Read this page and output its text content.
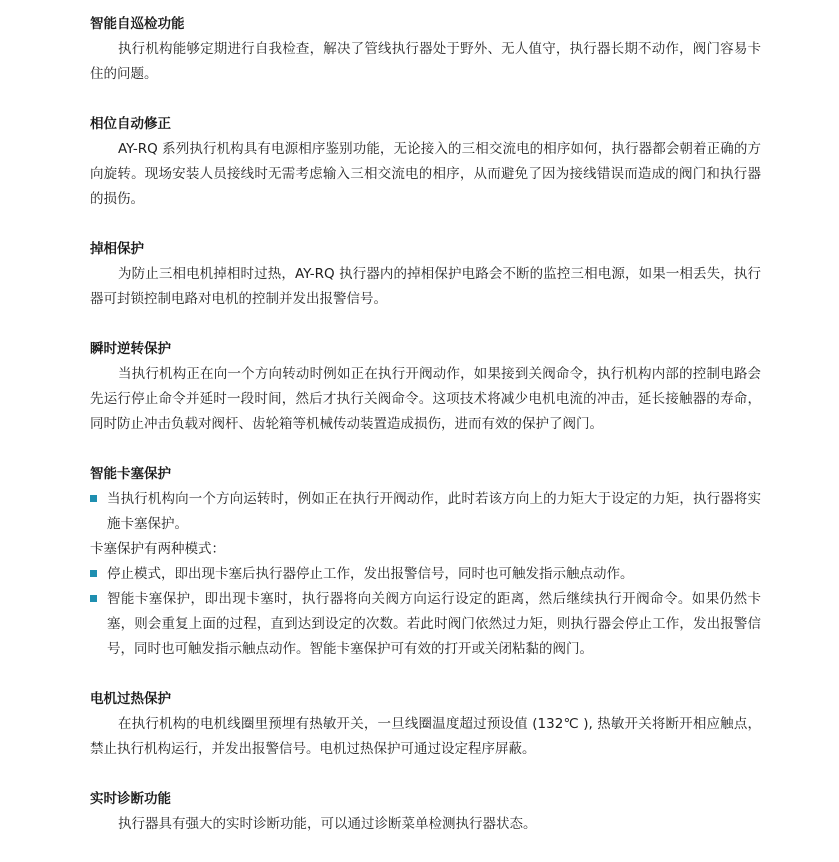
智能自巡检功能
执行机构能够定期进行自我检查，解决了管线执行器处于野外、无人值守，执行器长期不动作，阀门容易卡住的问题。
相位自动修正
AY-RQ 系列执行机构具有电源相序鉴别功能，无论接入的三相交流电的相序如何，执行器都会朝着正确的方向旋转。现场安装人员接线时无需考虑输入三相交流电的相序，从而避免了因为接线错误而造成的阀门和执行器的损伤。
掉相保护
为防止三相电机掉相时过热，AY-RQ 执行器内的掉相保护电路会不断的监控三相电源，如果一相丢失，执行器可封锁控制电路对电机的控制并发出报警信号。
瞬时逆转保护
当执行机构正在向一个方向转动时例如正在执行开阀动作，如果接到关阀命令，执行机构内部的控制电路会先运行停止命令并延时一段时间，然后才执行关阀命令。这项技术将减少电机电流的冲击，延长接触器的寿命，同时防止冲击负载对阀杆、齿轮箱等机械传动装置造成损伤，进而有效的保护了阀门。
智能卡塞保护
当执行机构向一个方向运转时，例如正在执行开阀动作，此时若该方向上的力矩大于设定的力矩，执行器将实施卡塞保护。
卡塞保护有两种模式：
停止模式，即出现卡塞后执行器停止工作，发出报警信号，同时也可触发指示触点动作。
智能卡塞保护，即出现卡塞时，执行器将向关阀方向运行设定的距离，然后继续执行开阀命令。如果仍然卡塞，则会重复上面的过程，直到达到设定的次数。若此时阀门依然过力矩，则执行器会停止工作，发出报警信号，同时也可触发指示触点动作。智能卡塞保护可有效的打开或关闭粘黏的阀门。
电机过热保护
在执行机构的电机线圈里预埋有热敏开关，一旦线圈温度超过预设值 (132℃ ), 热敏开关将断开相应触点，禁止执行机构运行，并发出报警信号。电机过热保护可通过设定程序屏蔽。
实时诊断功能
执行器具有强大的实时诊断功能，可以通过诊断菜单检测执行器状态。
